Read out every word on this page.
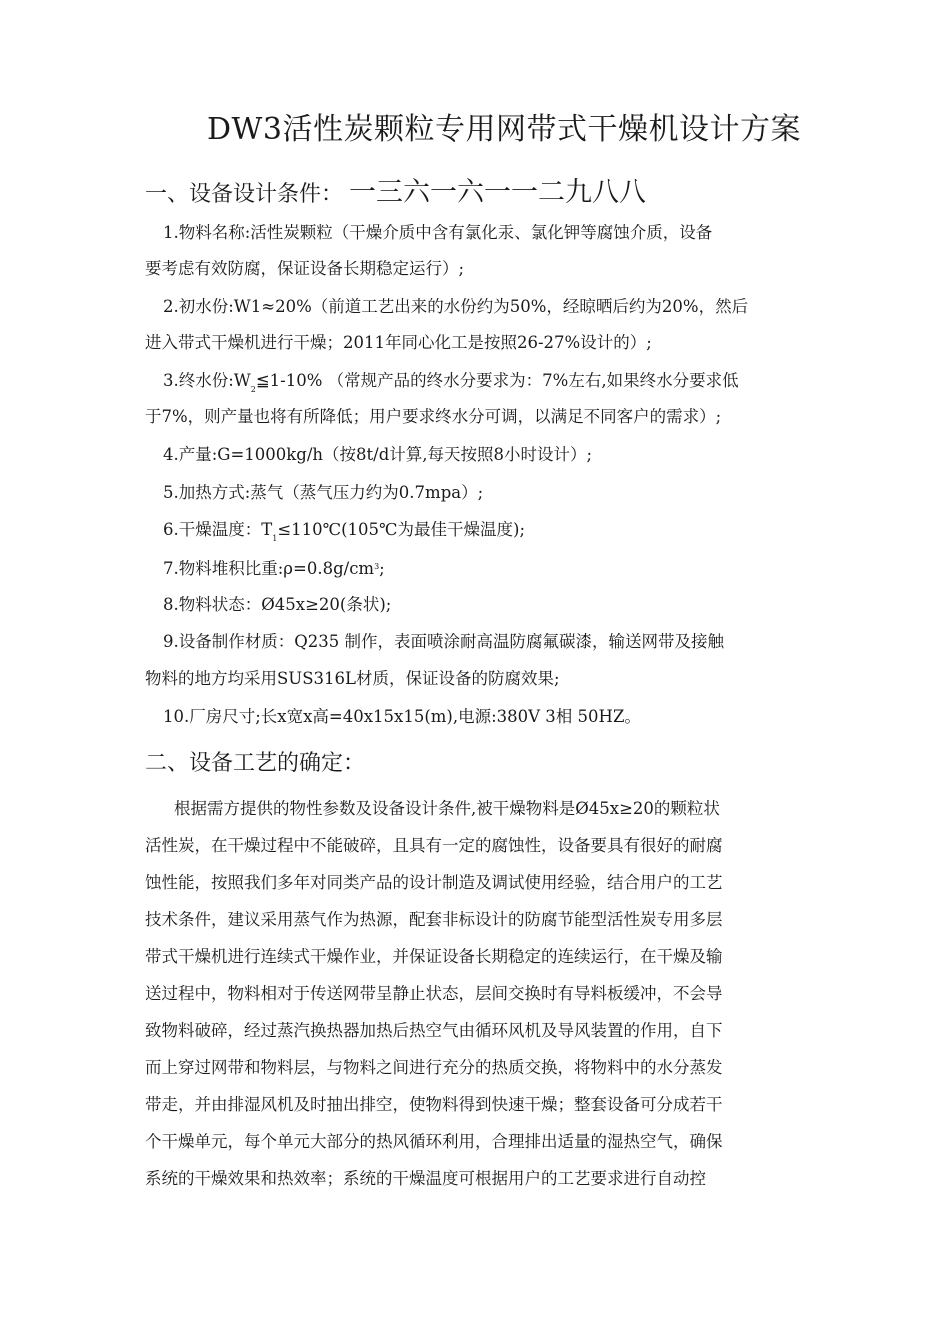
DW3活性炭颗粒专用网带式干燥机设计方案
一、设备设计条件： 一三六一六一一二九八八
1.物料名称:活性炭颗粒（干燥介质中含有氯化汞、氯化钾等腐蚀介质，设备
要考虑有效防腐，保证设备长期稳定运行）;
2.初水份:W1≈20%（前道工艺出来的水份约为50%，经晾晒后约为20%，然后
进入带式干燥机进行干燥；2011年同心化工是按照26-27%设计的）;
3.终水份$:W_2≦1-10\%$ （常规产品的终水分要求为：7%左右,如果终水分要求低
于7%，则产量也将有所降低；用户要求终水分可调，以满足不同客户的需求）;
4.产量:G=1000kg/h（按8t/d计算,每天按照8小时设计）;
5.加热方式:蒸气（蒸气压力约为0.7mpa）;
6.干燥温度：$T_1\le 110℃(105℃$为最佳干燥温度);
7.物料堆积比重$:\rho=0.8g/cm^3$;
8.物料状态：Ø45x≥20(条状);
9.设备制作材质：Q235 制作，表面喷涂耐高温防腐氟碳漆，输送网带及接触
物料的地方均采用SUS316L材质，保证设备的防腐效果;
10.厂房尺寸;长x宽x高=40x15x15(m),电源:380V 3相 50HZ。
二、设备工艺的确定：
根据需方提供的物性参数及设备设计条件,被干燥物料是Ø45x≥20的颗粒状
活性炭，在干燥过程中不能破碎，且具有一定的腐蚀性，设备要具有很好的耐腐
蚀性能，按照我们多年对同类产品的设计制造及调试使用经验，结合用户的工艺
技术条件，建议采用蒸气作为热源，配套非标设计的防腐节能型活性炭专用多层
带式干燥机进行连续式干燥作业，并保证设备长期稳定的连续运行，在干燥及输
送过程中，物料相对于传送网带呈静止状态，层间交换时有导料板缓冲，不会导
致物料破碎，经过蒸汽换热器加热后热空气由循环风机及导风装置的作用，自下
而上穿过网带和物料层，与物料之间进行充分的热质交换，将物料中的水分蒸发
带走，并由排湿风机及时抽出排空，使物料得到快速干燥；整套设备可分成若干
个干燥单元，每个单元大部分的热风循环利用，合理排出适量的湿热空气，确保
系统的干燥效果和热效率；系统的干燥温度可根据用户的工艺要求进行自动控
